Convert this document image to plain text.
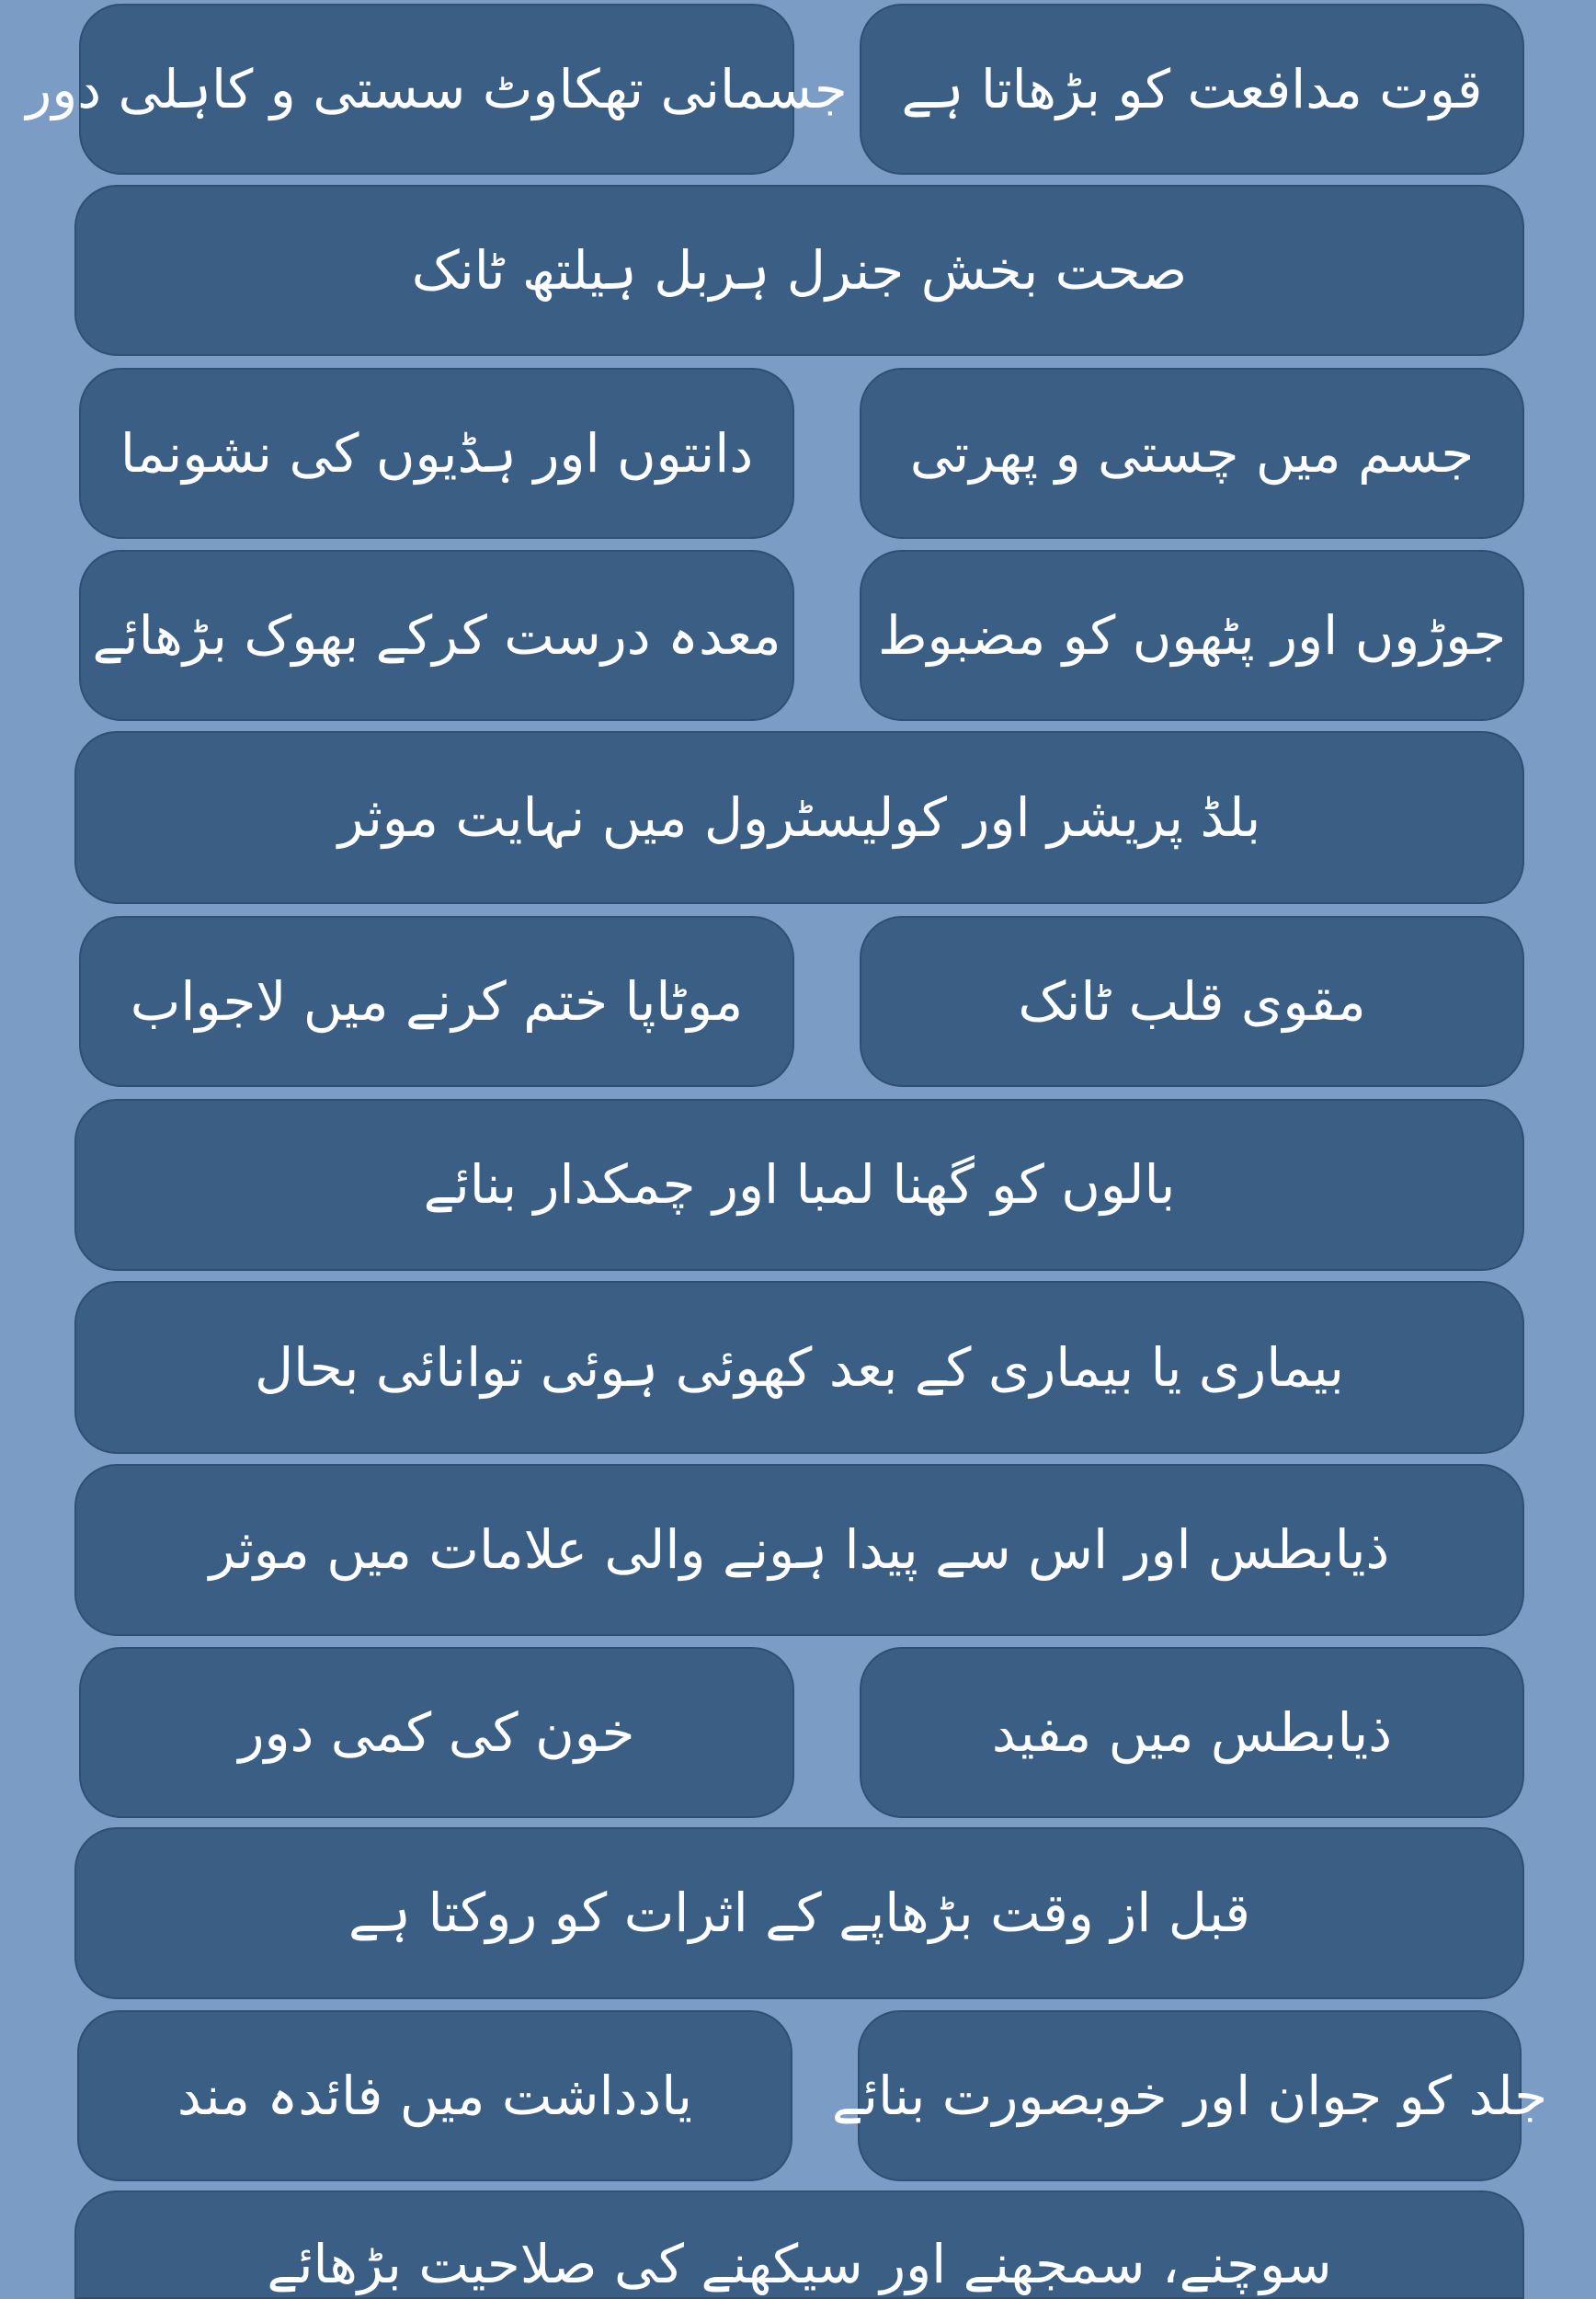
قوت مدافعت کو بڑھاتا ہے
جسمانی تھکاوٹ سستی و کاہلی دور
صحت بخش جنرل ہربل ہیلتھ ٹانک
جسم میں چستی و پھرتی
دانتوں اور ہڈیوں کی نشونما
جوڑوں اور پٹھوں کو مضبوط
معدہ درست کرکے بھوک بڑھائے
بلڈ پریشر اور کولیسٹرول میں نہایت موثر
مقوی قلب ٹانک
موٹاپا ختم کرنے میں لاجواب
بالوں کو گھنا لمبا اور چمکدار بنائے
بیماری یا بیماری کے بعد کھوئی ہوئی توانائی بحال
ذیابطس اور اس سے پیدا ہونے والی علامات میں موثر
ذیابطس میں مفید
خون کی کمی دور
قبل از وقت بڑھاپے کے اثرات کو روکتا ہے
جلد کو جوان اور خوبصورت بنائے
یادداشت میں فائدہ مند
سوچنے، سمجھنے اور سیکھنے کی صلاحیت بڑھائے
